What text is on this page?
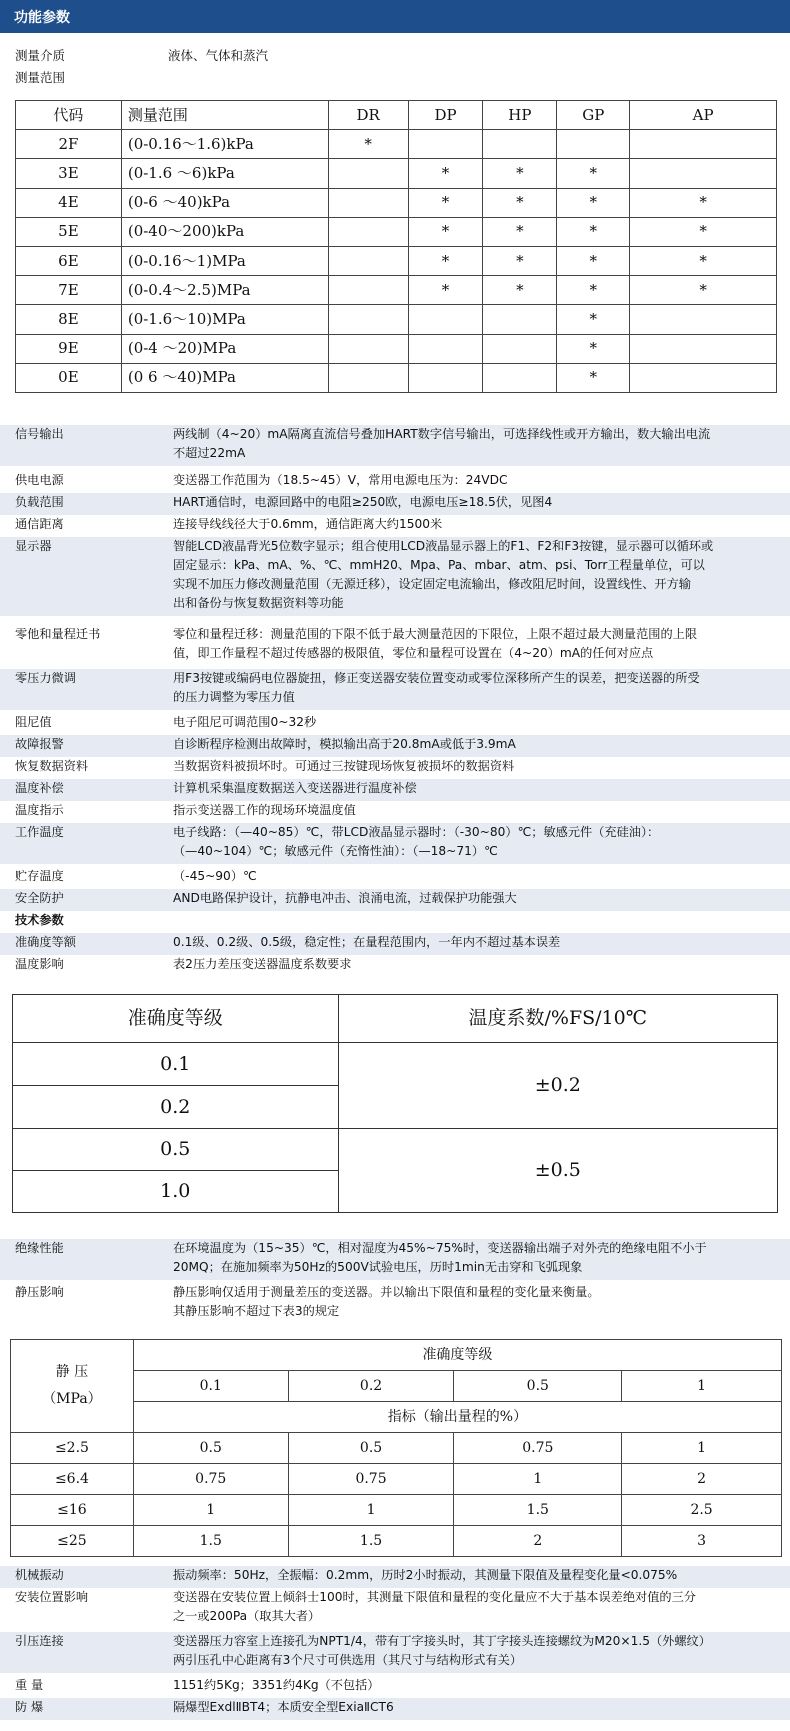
功能参数
测量介质	液体、气体和蒸汽
测量范围
代码	测量范围	DR	DP	HP	GP	AP
2F	(0-0.16～1.6)kPa	*				
3E	(0-1.6 ～6)kPa		*	*	*	
4E	(0-6 ～40)kPa		*	*	*	*
5E	(0-40～200)kPa		*	*	*	*
6E	(0-0.16～1)MPa		*	*	*	*
7E	(0-0.4～2.5)MPa		*	*	*	*
8E	(0-1.6～10)MPa				*	
9E	(0-4 ～20)MPa				*	
0E	(0 6 ～40)MPa				*	
信号输出	两线制（4~20）mA隔离直流信号叠加HART数字信号输出，可选择线性或开方输出，数大输出电流
不超过22mA
供电电源	变送器工作范围为（18.5~45）V，常用电源电压为：24VDC
负载范围	HART通信时，电源回路中的电阻≥250欧，电源电压≥18.5伏，见图4
通信距离	连接导线线径大于0.6mm，通信距离大约1500米
显示器	智能LCD液晶背光5位数字显示；组合使用LCD液晶显示器上的F1、F2和F3按键，显示器可以循环或
固定显示：kPa、mA、%、℃、mmH20、Mpa、Pa、mbar、atm、psi、Torr工程量单位，可以
实现不加压力修改测量范围（无源迁移），设定固定电流输出，修改阻尼时间，设置线性、开方输
出和备份与恢复数据资料等功能
零他和量程迁书	零位和量程迁移：测量范围的下限不低于最大测量范因的下限位，上限不超过最大测量范围的上限
值，即工作量程不超过传感器的极限值，零位和量程可设置在（4~20）mA的任何对应点
零压力微调	用F3按键或编码电位器旋扭，修正变送器安装位置变动或零位深移所产生的误差，把变送器的所受
的压力调整为零压力值
阻尼值	电子阻尼可调范围0~32秒
故障报警	自诊断程序检测出故障时，模拟输出高于20.8mA或低于3.9mA
恢复数据资料	当数据资料被损坏时。可通过三按键现场恢复被损坏的数据资料
温度补偿	计算机采集温度数据送入变送器进行温度补偿
温度指示	指示变送器工作的现场环境温度值
工作温度	电子线路：（—40~85）℃，带LCD液晶显示器时：（-30~80）℃；敏感元件（充硅油）：
（—40~104）℃；敏感元件（充惰性油）：（—18~71）℃
贮存温度	（-45~90）℃
安全防护	AND电路保护设计，抗静电冲击、浪涌电流，过载保护功能强大
技术参数
准确度等额	0.1级、0.2级、0.5级，稳定性；在量程范围内，一年内不超过基本误差
温度影响	表2压力差压变送器温度系数要求
准确度等级	温度系数/%FS/10℃
0.1	±0.2
0.2	
0.5	±0.5
1.0	
绝缘性能	在环境温度为（15~35）℃，相对湿度为45%~75%时，变送器输出端子对外壳的绝缘电阻不小于
20MQ；在施加频率为50Hz的500V试验电压，历时1min无击穿和飞弧现象
静压影响	静压影响仅适用于测量差压的变送器。并以输出下限值和量程的变化量来衡量。
其静压影响不超过下表3的规定
静 压
（MPa）	准确度等级			
	0.1	0.2	0.5	1
	指标（输出量程的%）			
≤2.5	0.5	0.5	0.75	1
≤6.4	0.75	0.75	1	2
≤16	1	1	1.5	2.5
≤25	1.5	1.5	2	3
机械振动	振动频率：50Hz，全振幅：0.2mm，历时2小时振动，其测量下限值及量程变化量<0.075%
安装位置影响	变送器在安装位置上倾斜士100时，其测量下限值和量程的变化量应不大于基本误差绝对值的三分
之一或200Pa（取其大者）
引压连接	变送器压力容室上连接孔为NPT1/4，带有丁字接头时，其丁字接头连接螺纹为M20×1.5（外螺纹）
两引压孔中心距离有3个尺寸可供选用（其尺寸与结构形式有关）
重 量	1151约5Kg；3351约4Kg（不包括）
防 爆	隔爆型ExdlⅡBT4；本质安全型ExiaⅡCT6
